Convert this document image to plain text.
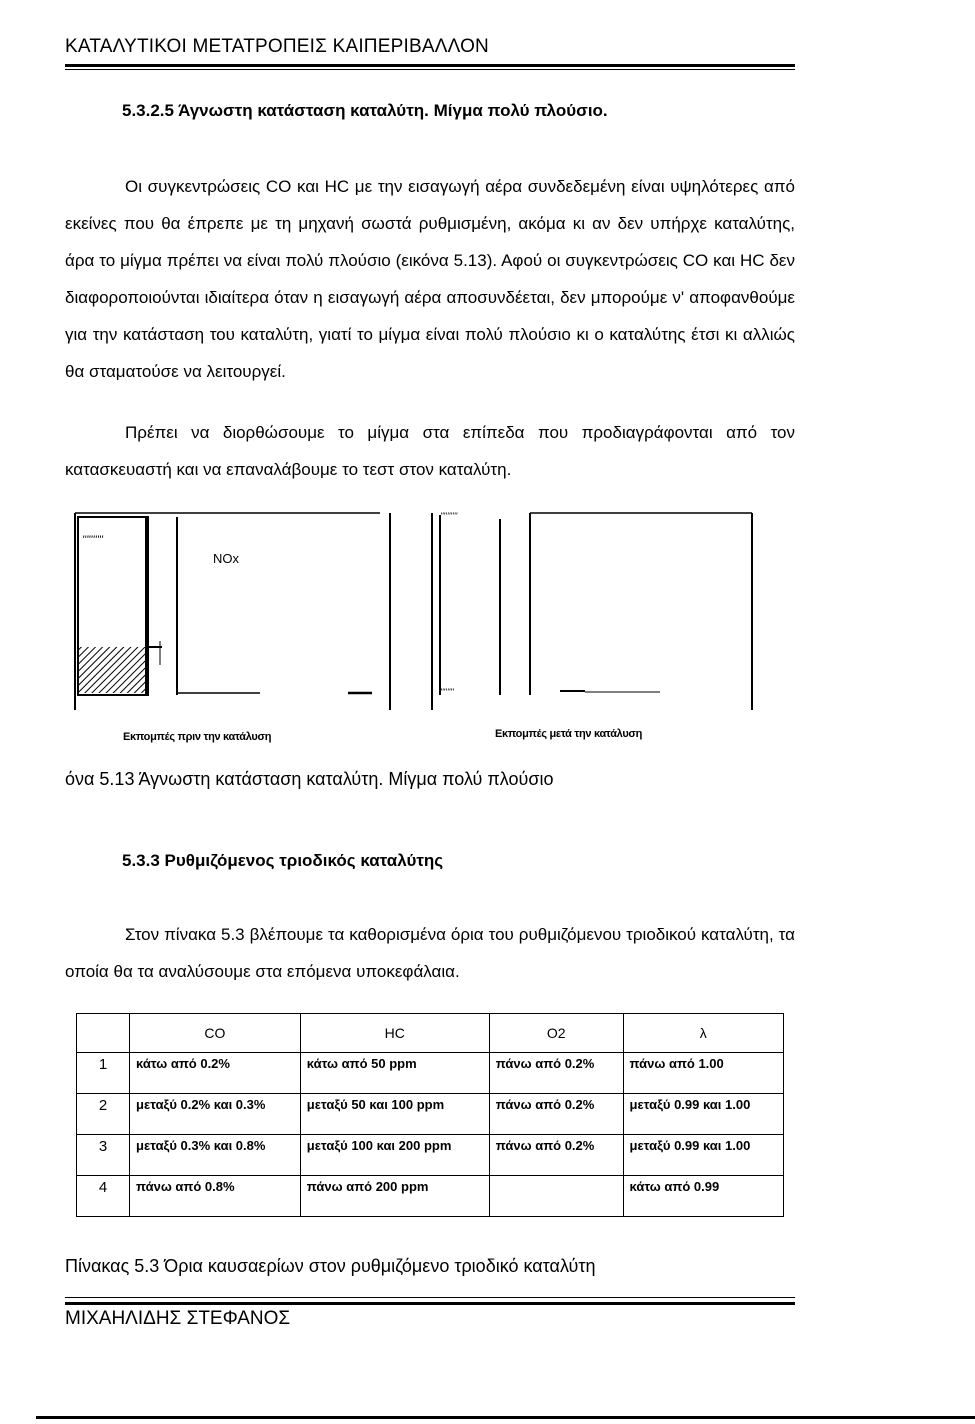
ΚΑΤΑΛΥΤΙΚΟΙ ΜΕΤΑΤΡΟΠΕΙΣ ΚΑΙΠΕΡΙΒΑΛΛΟΝ
5.3.2.5 Άγνωστη κατάσταση καταλύτη. Μίγμα πολύ πλούσιο.
Οι συγκεντρώσεις CO και HC με την εισαγωγή αέρα συνδεδεμένη είναι υψηλότερες από εκείνες που θα έπρεπε με τη μηχανή σωστά ρυθμισμένη, ακόμα κι αν δεν υπήρχε καταλύτης, άρα το μίγμα πρέπει να είναι πολύ πλούσιο (εικόνα 5.13). Αφού οι συγκεντρώσεις CO και HC δεν διαφοροποιούνται ιδιαίτερα όταν η εισαγωγή αέρα αποσυνδέεται, δεν μπορούμε ν' αποφανθούμε για την κατάσταση του καταλύτη, γιατί το μίγμα είναι πολύ πλούσιο κι ο καταλύτης έτσι κι αλλιώς θα σταματούσε να λειτουργεί.
Πρέπει να διορθώσουμε το μίγμα στα επίπεδα που προδιαγράφονται από τον κατασκευαστή και να επαναλάβουμε το τεστ στον καταλύτη.
''''''''''
NOx
''''''''''
''''''''
Εκπομπές πριν την κατάλυση	Εκπομπές μετά την κατάλυση
όνα 5.13 Άγνωστη κατάσταση καταλύτη. Μίγμα πολύ πλούσιο
5.3.3 Ρυθμιζόμενος τριοδικός καταλύτης
Στον πίνακα 5.3 βλέπουμε τα καθορισμένα όρια του ρυθμιζόμενου τριοδικού καταλύτη, τα οποία θα τα αναλύσουμε στα επόμενα υποκεφάλαια.
	CO	HC	O2	λ
1	κάτω από 0.2%	κάτω από 50 ppm	πάνω από 0.2%	πάνω από 1.00
2	μεταξύ 0.2% και 0.3%	μεταξύ 50 και 100 ppm	πάνω από 0.2%	μεταξύ 0.99 και 1.00
3	μεταξύ 0.3% και 0.8%	μεταξύ 100 και 200 ppm	πάνω από 0.2%	μεταξύ 0.99 και 1.00
4	πάνω από 0.8%	πάνω από 200 ppm		κάτω από 0.99
Πίνακας 5.3 Όρια καυσαερίων στον ρυθμιζόμενο τριοδικό καταλύτη
ΜΙΧΑΗΛΙΔΗΣ ΣΤΕΦΑΝΟΣ
